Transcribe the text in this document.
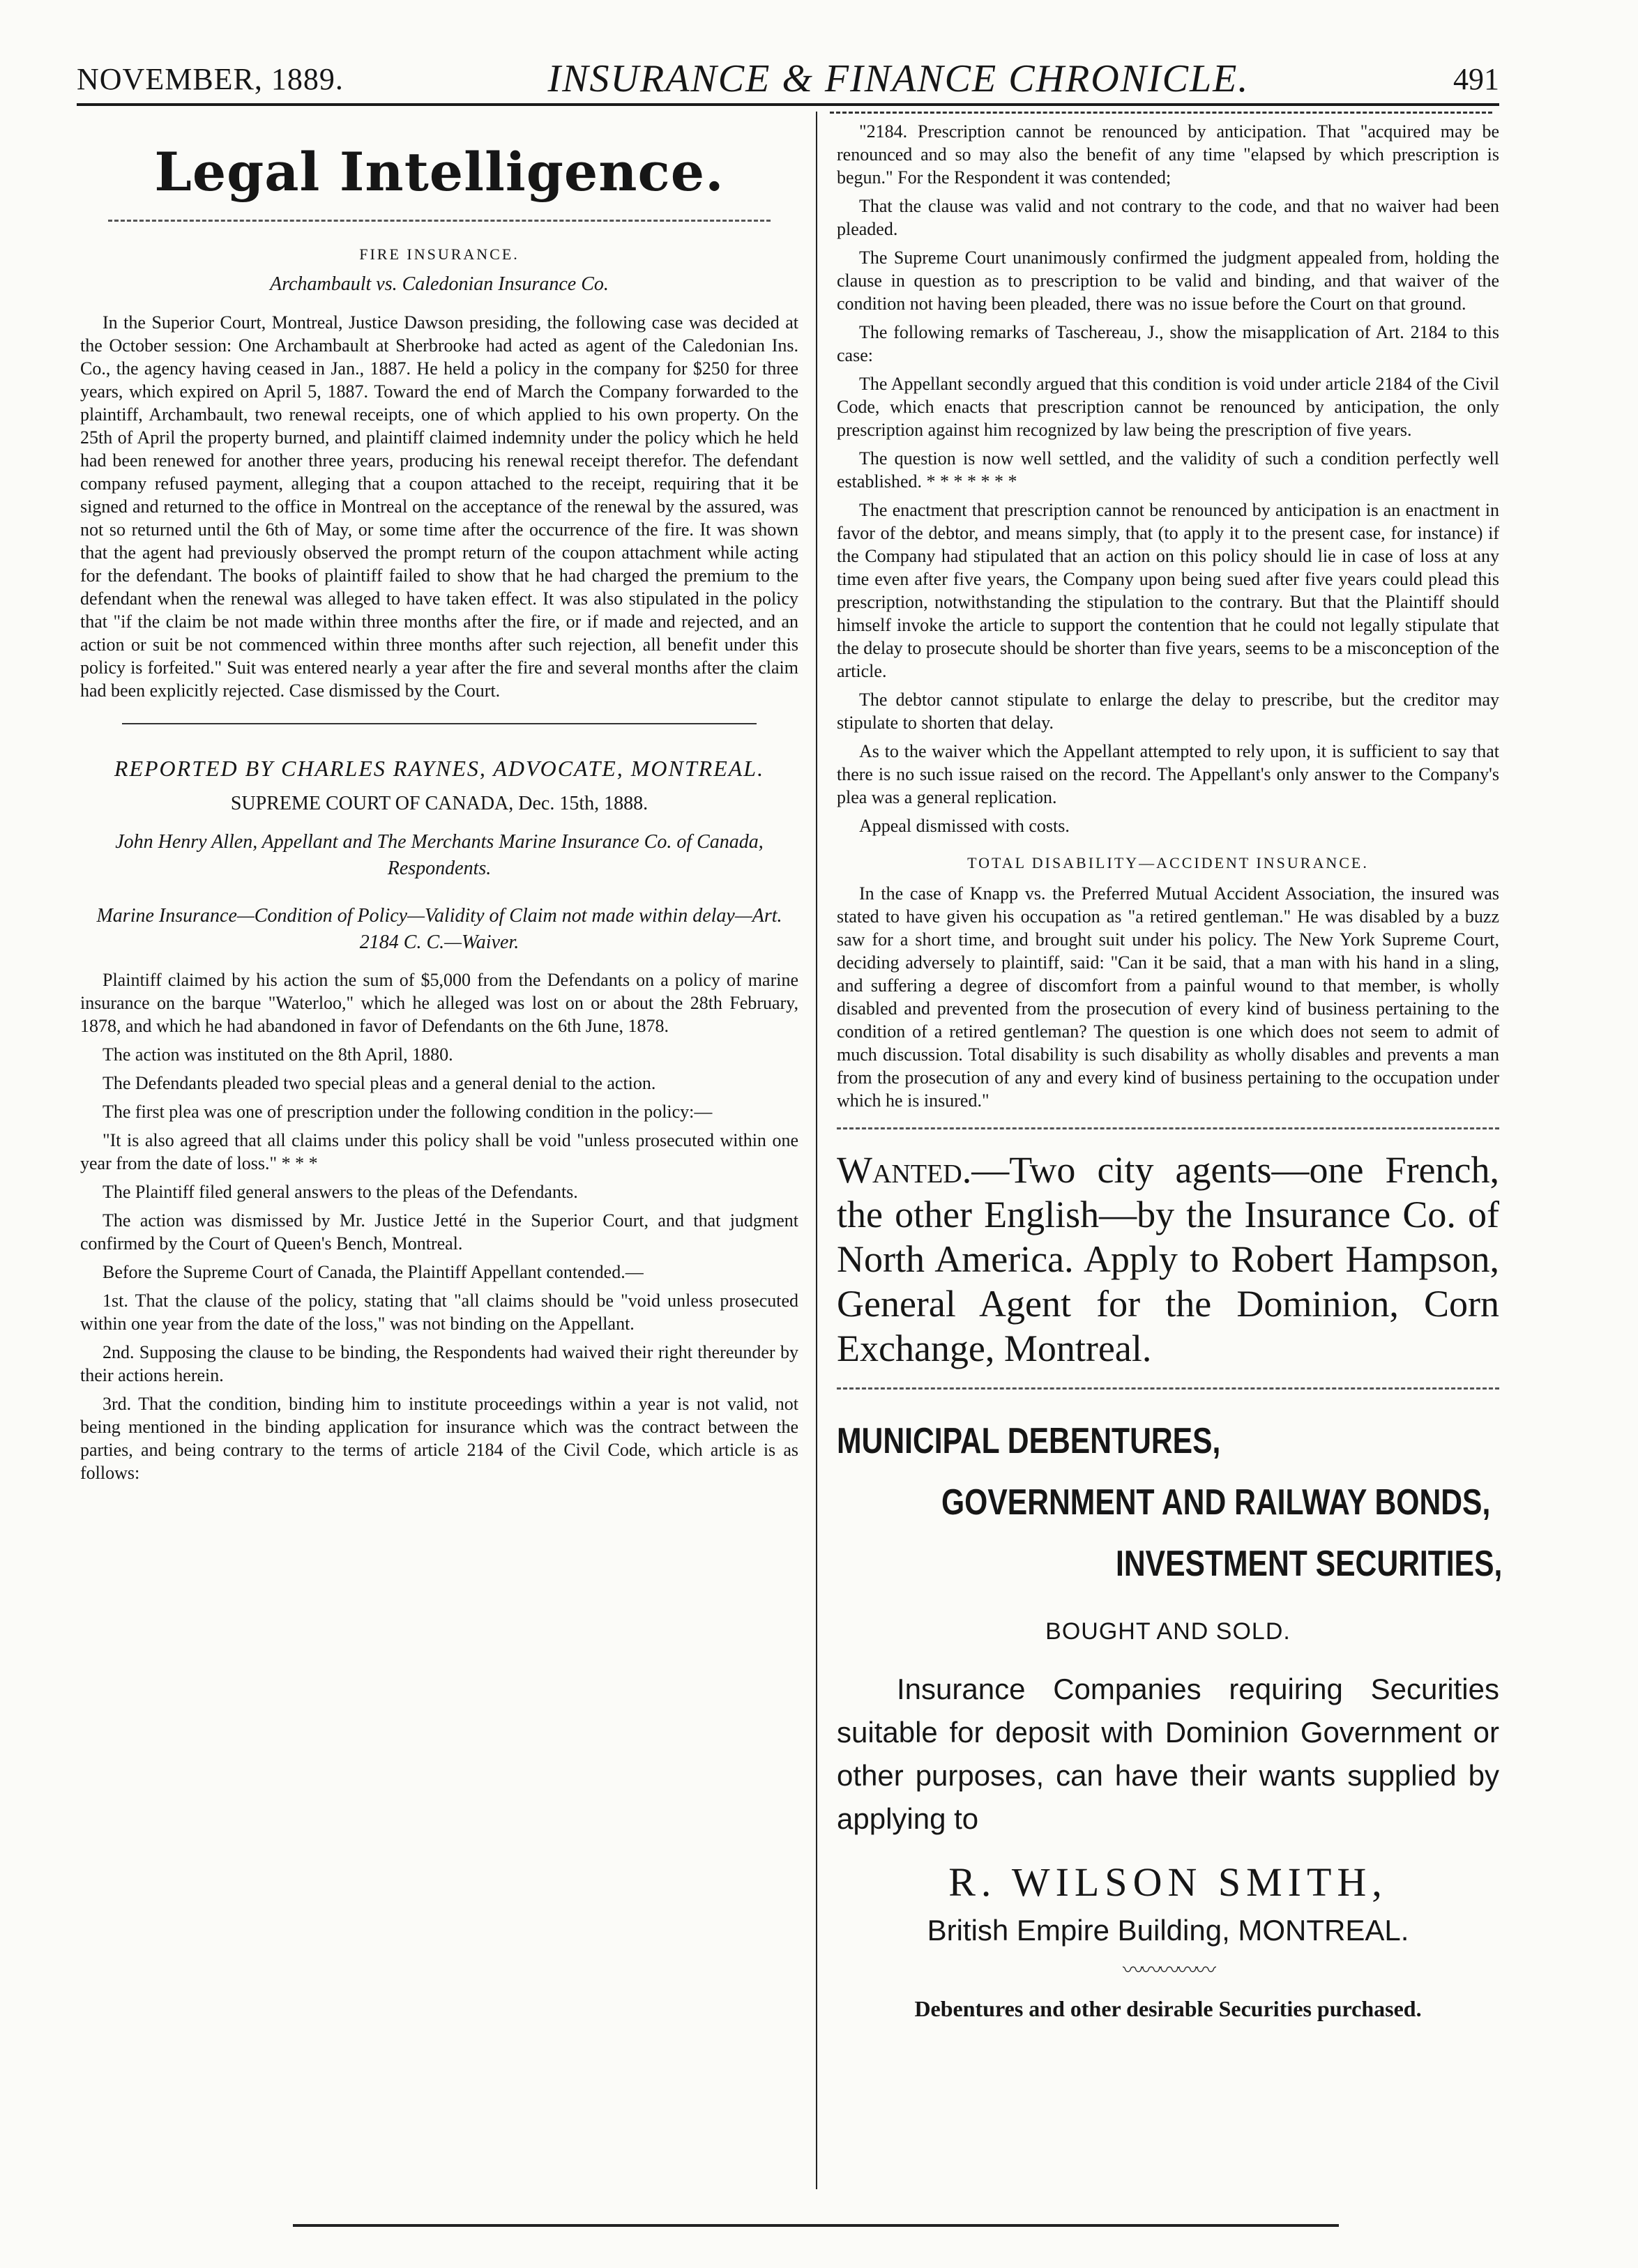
NOVEMBER, 1889.	INSURANCE & FINANCE CHRONICLE.	491
Legal Intelligence.
FIRE INSURANCE.
Archambault vs. Caledonian Insurance Co.

In the Superior Court, Montreal, Justice Dawson presiding, the following case was decided at the October session: One Archambault at Sherbrooke had acted as agent of the Caledonian Ins. Co., the agency having ceased in Jan., 1887. He held a policy in the company for $250 for three years, which expired on April 5, 1887. Toward the end of March the Company forwarded to the plaintiff, Archambault, two renewal receipts, one of which applied to his own property. On the 25th of April the property burned, and plaintiff claimed indemnity under the policy which he held had been renewed for another three years, producing his renewal receipt therefor. The defendant company refused payment, alleging that a coupon attached to the receipt, requiring that it be signed and returned to the office in Montreal on the acceptance of the renewal by the assured, was not so returned until the 6th of May, or some time after the occurrence of the fire. It was shown that the agent had previously observed the prompt return of the coupon attachment while acting for the defendant. The books of plaintiff failed to show that he had charged the premium to the defendant when the renewal was alleged to have taken effect. It was also stipulated in the policy that "if the claim be not made within three months after the fire, or if made and rejected, and an action or suit be not commenced within three months after such rejection, all benefit under this policy is forfeited." Suit was entered nearly a year after the fire and several months after the claim had been explicitly rejected. Case dismissed by the Court.

REPORTED BY CHARLES RAYNES, ADVOCATE, MONTREAL.
SUPREME COURT OF CANADA, Dec. 15th, 1888.
John Henry Allen, Appellant and The Merchants Marine Insurance Co. of Canada, Respondents.
Marine Insurance—Condition of Policy—Validity of Claim not made within delay—Art. 2184 C. C.—Waiver.

Plaintiff claimed by his action the sum of $5,000 from the Defendants on a policy of marine insurance on the barque "Waterloo," which he alleged was lost on or about the 28th February, 1878, and which he had abandoned in favor of Defendants on the 6th June, 1878.

The action was instituted on the 8th April, 1880.

The Defendants pleaded two special pleas and a general denial to the action.

The first plea was one of prescription under the following condition in the policy:—

"It is also agreed that all claims under this policy shall be void "unless prosecuted within one year from the date of loss." * * *

The Plaintiff filed general answers to the pleas of the Defendants.

The action was dismissed by Mr. Justice Jetté in the Superior Court, and that judgment confirmed by the Court of Queen's Bench, Montreal.

Before the Supreme Court of Canada, the Plaintiff Appellant contended.—

1st. That the clause of the policy, stating that "all claims should be "void unless prosecuted within one year from the date of the loss," was not binding on the Appellant.

2nd. Supposing the clause to be binding, the Respondents had waived their right thereunder by their actions herein.

3rd. That the condition, binding him to institute proceedings within a year is not valid, not being mentioned in the binding application for insurance which was the contract between the parties, and being contrary to the terms of article 2184 of the Civil Code, which article is as follows:

"2184. Prescription cannot be renounced by anticipation. That "acquired may be renounced and so may also the benefit of any time "elapsed by which prescription is begun." For the Respondent it was contended;

That the clause was valid and not contrary to the code, and that no waiver had been pleaded.

The Supreme Court unanimously confirmed the judgment appealed from, holding the clause in question as to prescription to be valid and binding, and that waiver of the condition not having been pleaded, there was no issue before the Court on that ground.

The following remarks of Taschereau, J., show the misapplication of Art. 2184 to this case:

The Appellant secondly argued that this condition is void under article 2184 of the Civil Code, which enacts that prescription cannot be renounced by anticipation, the only prescription against him recognized by law being the prescription of five years.

The question is now well settled, and the validity of such a condition perfectly well established. * * * * * * *

The enactment that prescription cannot be renounced by anticipation is an enactment in favor of the debtor, and means simply, that (to apply it to the present case, for instance) if the Company had stipulated that an action on this policy should lie in case of loss at any time even after five years, the Company upon being sued after five years could plead this prescription, notwithstanding the stipulation to the contrary. But that the Plaintiff should himself invoke the article to support the contention that he could not legally stipulate that the delay to prosecute should be shorter than five years, seems to be a misconception of the article.

The debtor cannot stipulate to enlarge the delay to prescribe, but the creditor may stipulate to shorten that delay.

As to the waiver which the Appellant attempted to rely upon, it is sufficient to say that there is no such issue raised on the record. The Appellant's only answer to the Company's plea was a general replication.

Appeal dismissed with costs.

TOTAL DISABILITY—ACCIDENT INSURANCE.

In the case of Knapp vs. the Preferred Mutual Accident Association, the insured was stated to have given his occupation as "a retired gentleman." He was disabled by a buzz saw for a short time, and brought suit under his policy. The New York Supreme Court, deciding adversely to plaintiff, said: "Can it be said, that a man with his hand in a sling, and suffering a degree of discomfort from a painful wound to that member, is wholly disabled and prevented from the prosecution of every kind of business pertaining to the condition of a retired gentleman? The question is one which does not seem to admit of much discussion. Total disability is such disability as wholly disables and prevents a man from the prosecution of any and every kind of business pertaining to the occupation under which he is insured."

Wanted.—Two city agents—one French, the other English—by the Insurance Co. of North America. Apply to Robert Hampson, General Agent for the Dominion, Corn Exchange, Montreal.

MUNICIPAL DEBENTURES,

GOVERNMENT AND RAILWAY BONDS,

INVESTMENT SECURITIES,

BOUGHT AND SOLD.

Insurance Companies requiring Securities suitable for deposit with Dominion Government or other purposes, can have their wants supplied by applying to

R. WILSON SMITH,
British Empire Building, MONTREAL.
〰〰〰〰〰
Debentures and other desirable Securities purchased.
